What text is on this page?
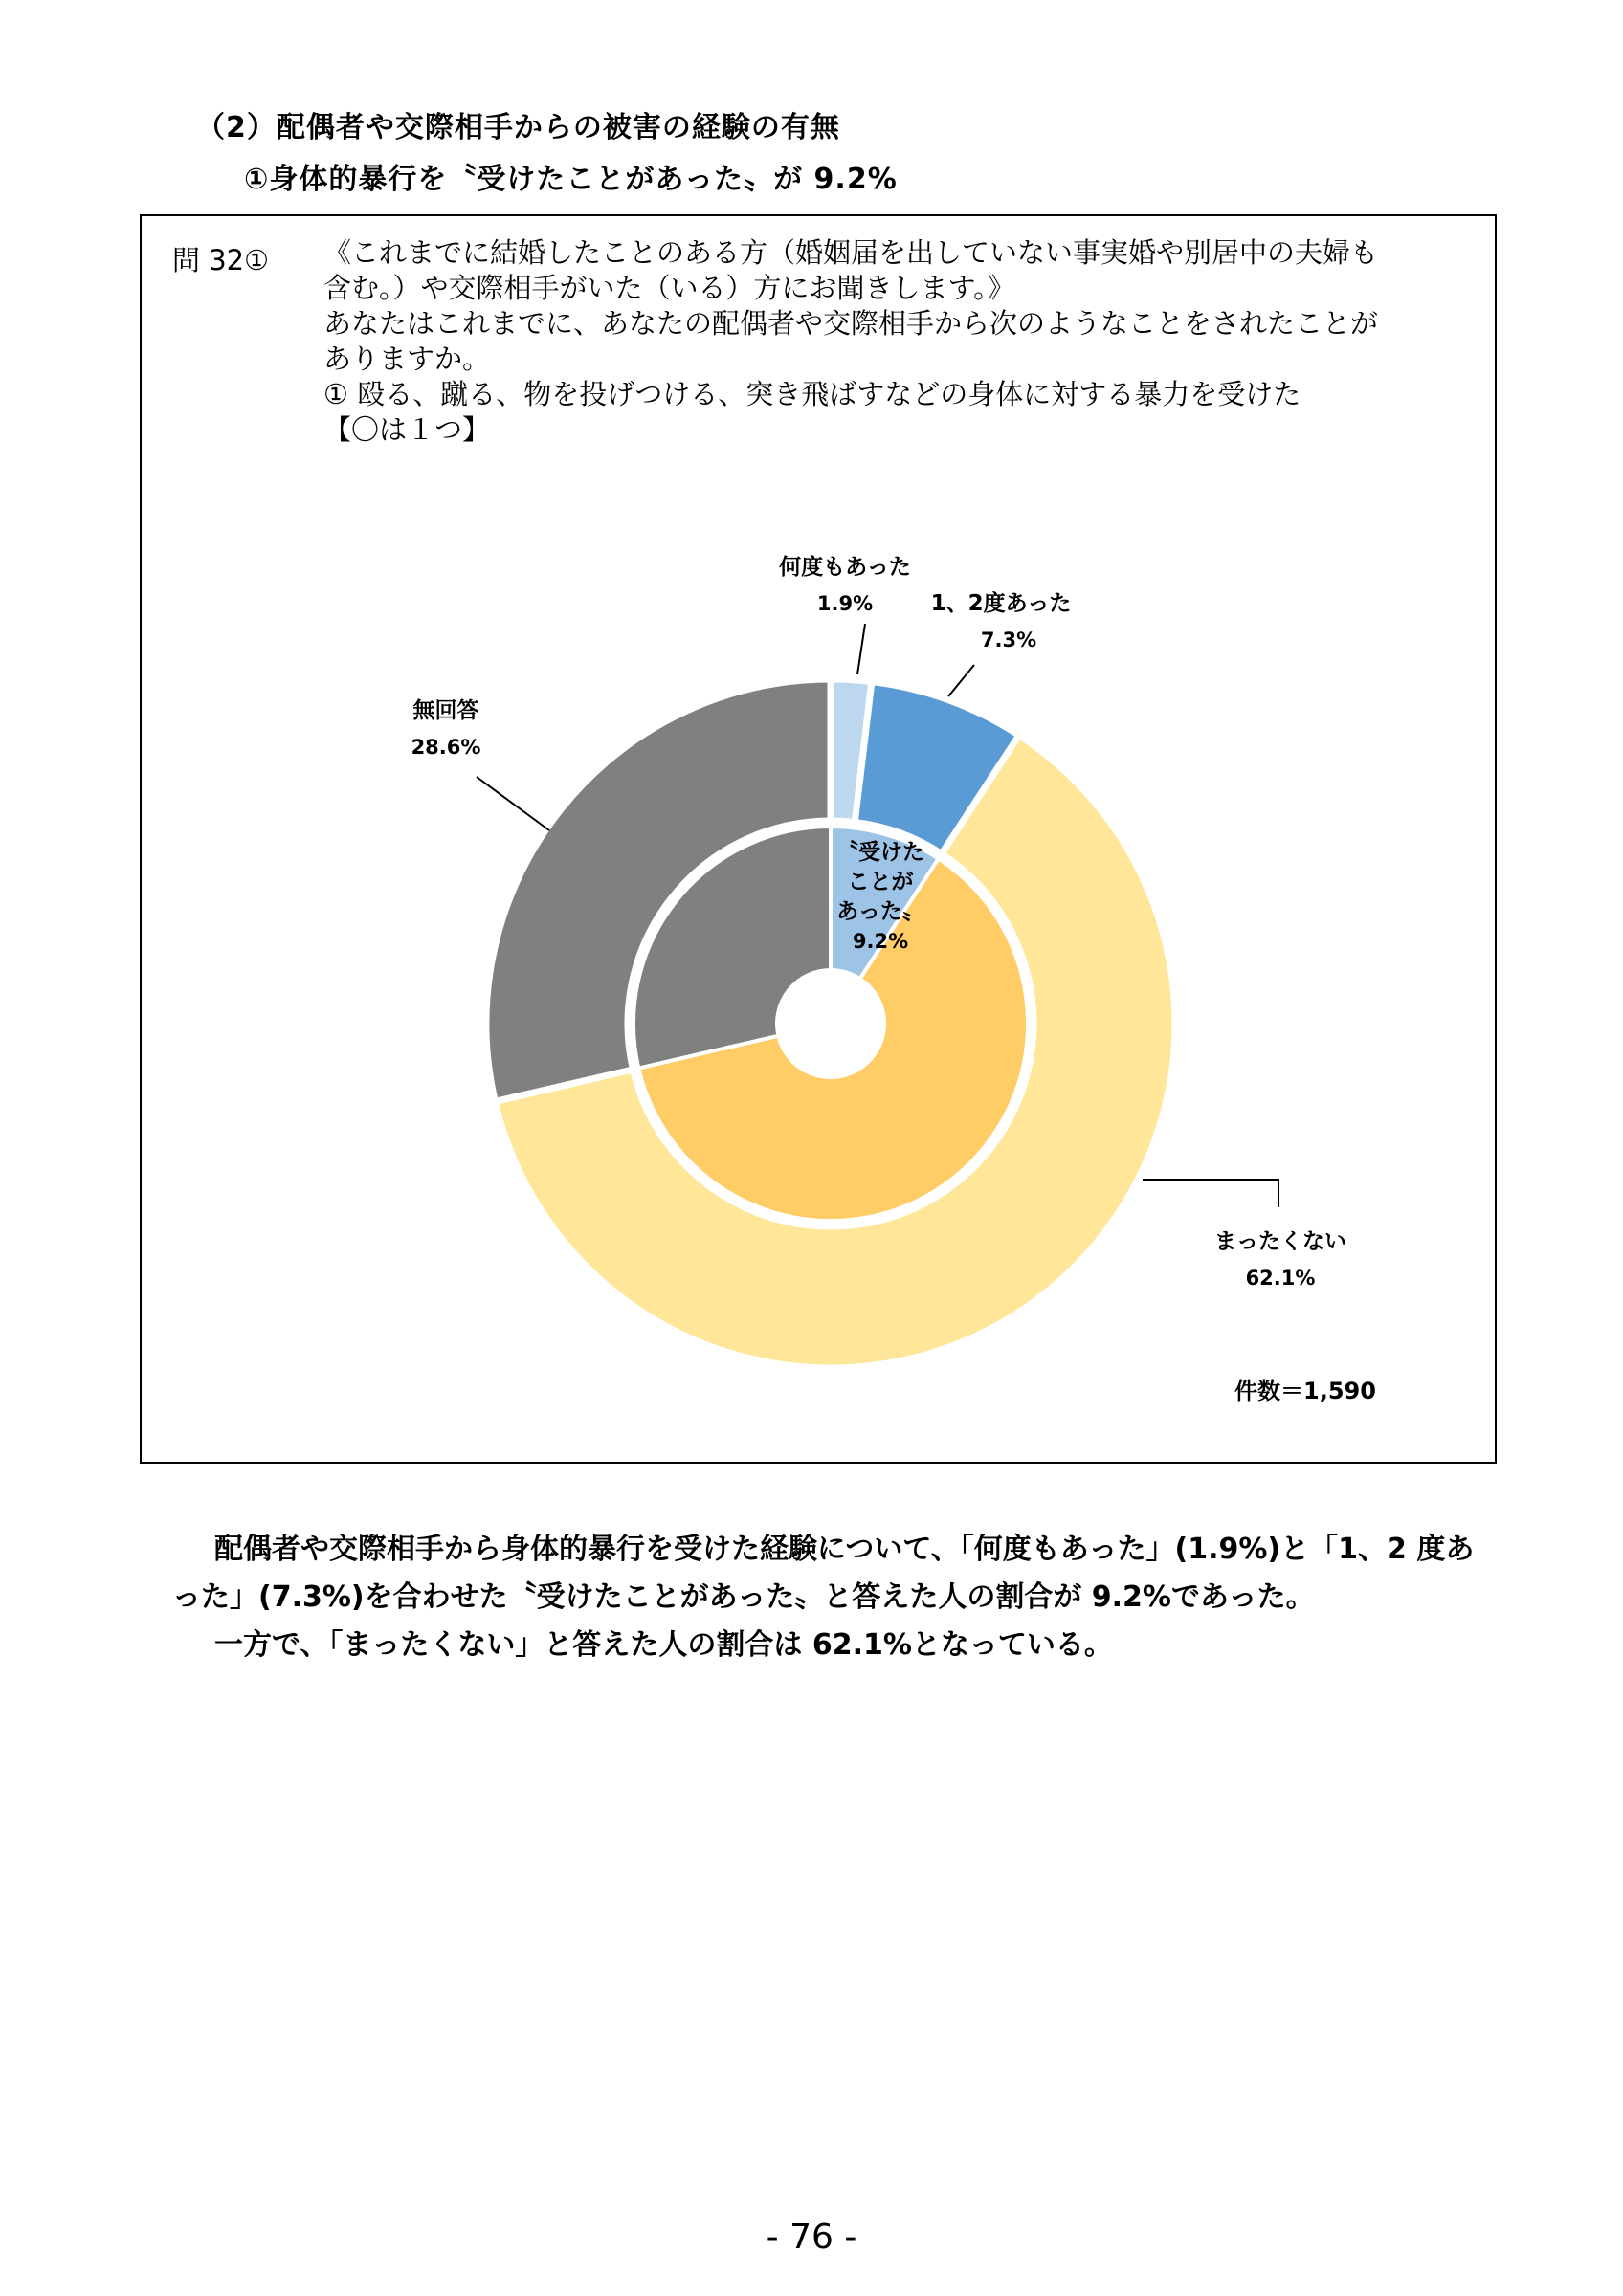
（2）配偶者や交際相手からの被害の経験の有無
①身体的暴行を〝受けたことがあった〟が 9.2%
問 32① 《これまでに結婚したことのある方（婚姻届を出していない事実婚や別居中の夫婦も
含む。）や交際相手がいた（いる）方にお聞きします。》
あなたはこれまでに、あなたの配偶者や交際相手から次のようなことをされたことが
ありますか。
① 殴る、蹴る、物を投げつける、突き飛ばすなどの身体に対する暴力を受けた
【〇は１つ】
何度もあった
1.9%	1、2度あった
7.3%
まったくない
62.1%
無回答
28.6%
〝受けた
ことが
あった〟
9.2%
件数＝1,590

配偶者や交際相手から身体的暴行を受けた経験について、「何度もあった」(1.9%)と「1、2 度あ

った」(7.3%)を合わせた〝受けたことがあった〟と答えた人の割合が 9.2%であった。

一方で、「まったくない」と答えた人の割合は 62.1%となっている。

- 76 -
